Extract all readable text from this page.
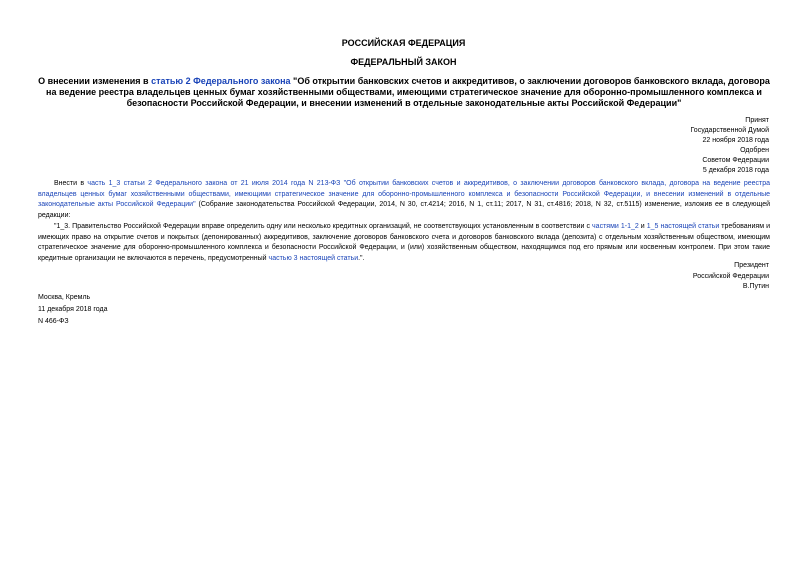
РОССИЙСКАЯ ФЕДЕРАЦИЯ
ФЕДЕРАЛЬНЫЙ ЗАКОН
О внесении изменения в статью 2 Федерального закона "Об открытии банковских счетов и аккредитивов, о заключении договоров банковского вклада, договора на ведение реестра владельцев ценных бумаг хозяйственными обществами, имеющими стратегическое значение для оборонно-промышленного комплекса и безопасности Российской Федерации, и внесении изменений в отдельные законодательные акты Российской Федерации"
Принят
Государственной Думой
22 ноября 2018 года
Одобрен
Советом Федерации
5 декабря 2018 года
Внести в часть 1_3 статьи 2 Федерального закона от 21 июля 2014 года N 213-ФЗ "Об открытии банковских счетов и аккредитивов, о заключении договоров банковского вклада, договора на ведение реестра владельцев ценных бумаг хозяйственными обществами, имеющими стратегическое значение для оборонно-промышленного комплекса и безопасности Российской Федерации, и внесении изменений в отдельные законодательные акты Российской Федерации" (Собрание законодательства Российской Федерации, 2014, N 30, ст.4214; 2016, N 1, ст.11; 2017, N 31, ст.4816; 2018, N 32, ст.5115) изменение, изложив ее в следующей редакции:
"1_3. Правительство Российской Федерации вправе определить одну или несколько кредитных организаций, не соответствующих установленным в соответствии с частями 1-1_2 и 1_5 настоящей статьи требованиям и имеющих право на открытие счетов и покрытых (депонированных) аккредитивов, заключение договоров банковского счета и договоров банковского вклада (депозита) с отдельным хозяйственным обществом, имеющим стратегическое значение для оборонно-промышленного комплекса и безопасности Российской Федерации, и (или) хозяйственным обществом, находящимся под его прямым или косвенным контролем. При этом такие кредитные организации не включаются в перечень, предусмотренный частью 3 настоящей статьи.".
Президент
Российской Федерации
В.Путин
Москва, Кремль
11 декабря 2018 года
N 466-ФЗ
